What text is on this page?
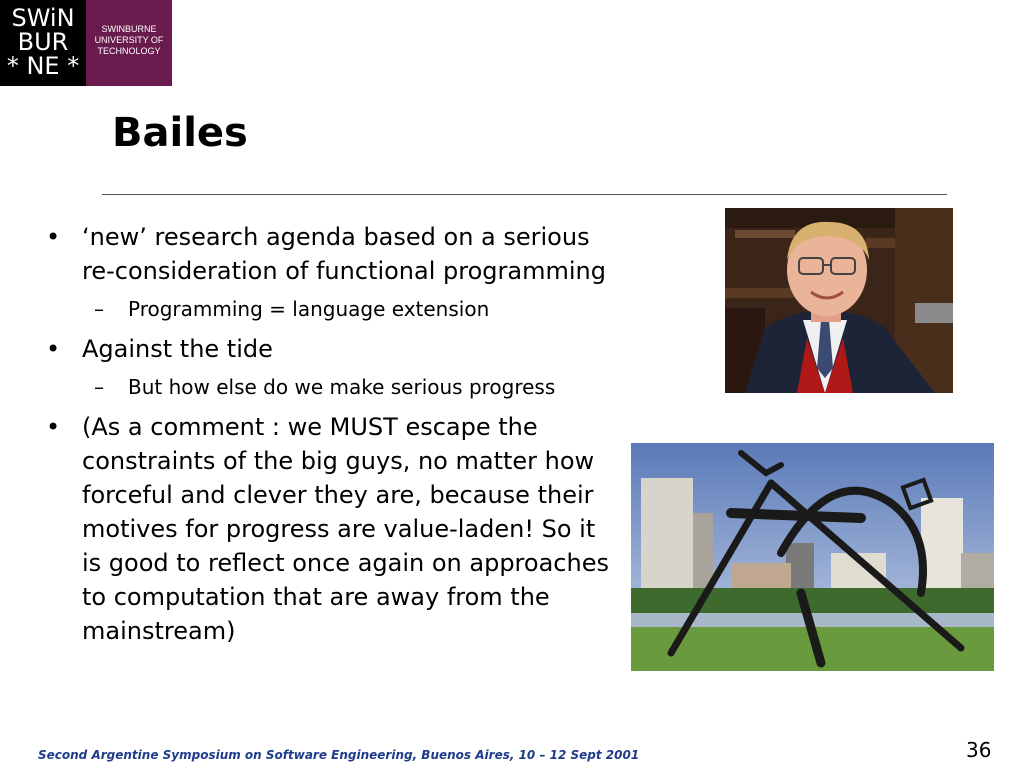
SWiN
BUR
* NE *
SWINBURNE
UNIVERSITY OF
TECHNOLOGY
Bailes
• ‘new’ research agenda based on a serious re-consideration of functional programming
– Programming = language extension
• Against the tide
– But how else do we make serious progress
• (As a comment : we MUST escape the constraints of the big guys, no matter how forceful and clever they are, because their motives for progress are value-laden! So it is good to reflect once again on approaches to computation that are away from the mainstream)
Second Argentine Symposium on Software Engineering, Buenos Aires, 10 – 12 Sept 2001	36
